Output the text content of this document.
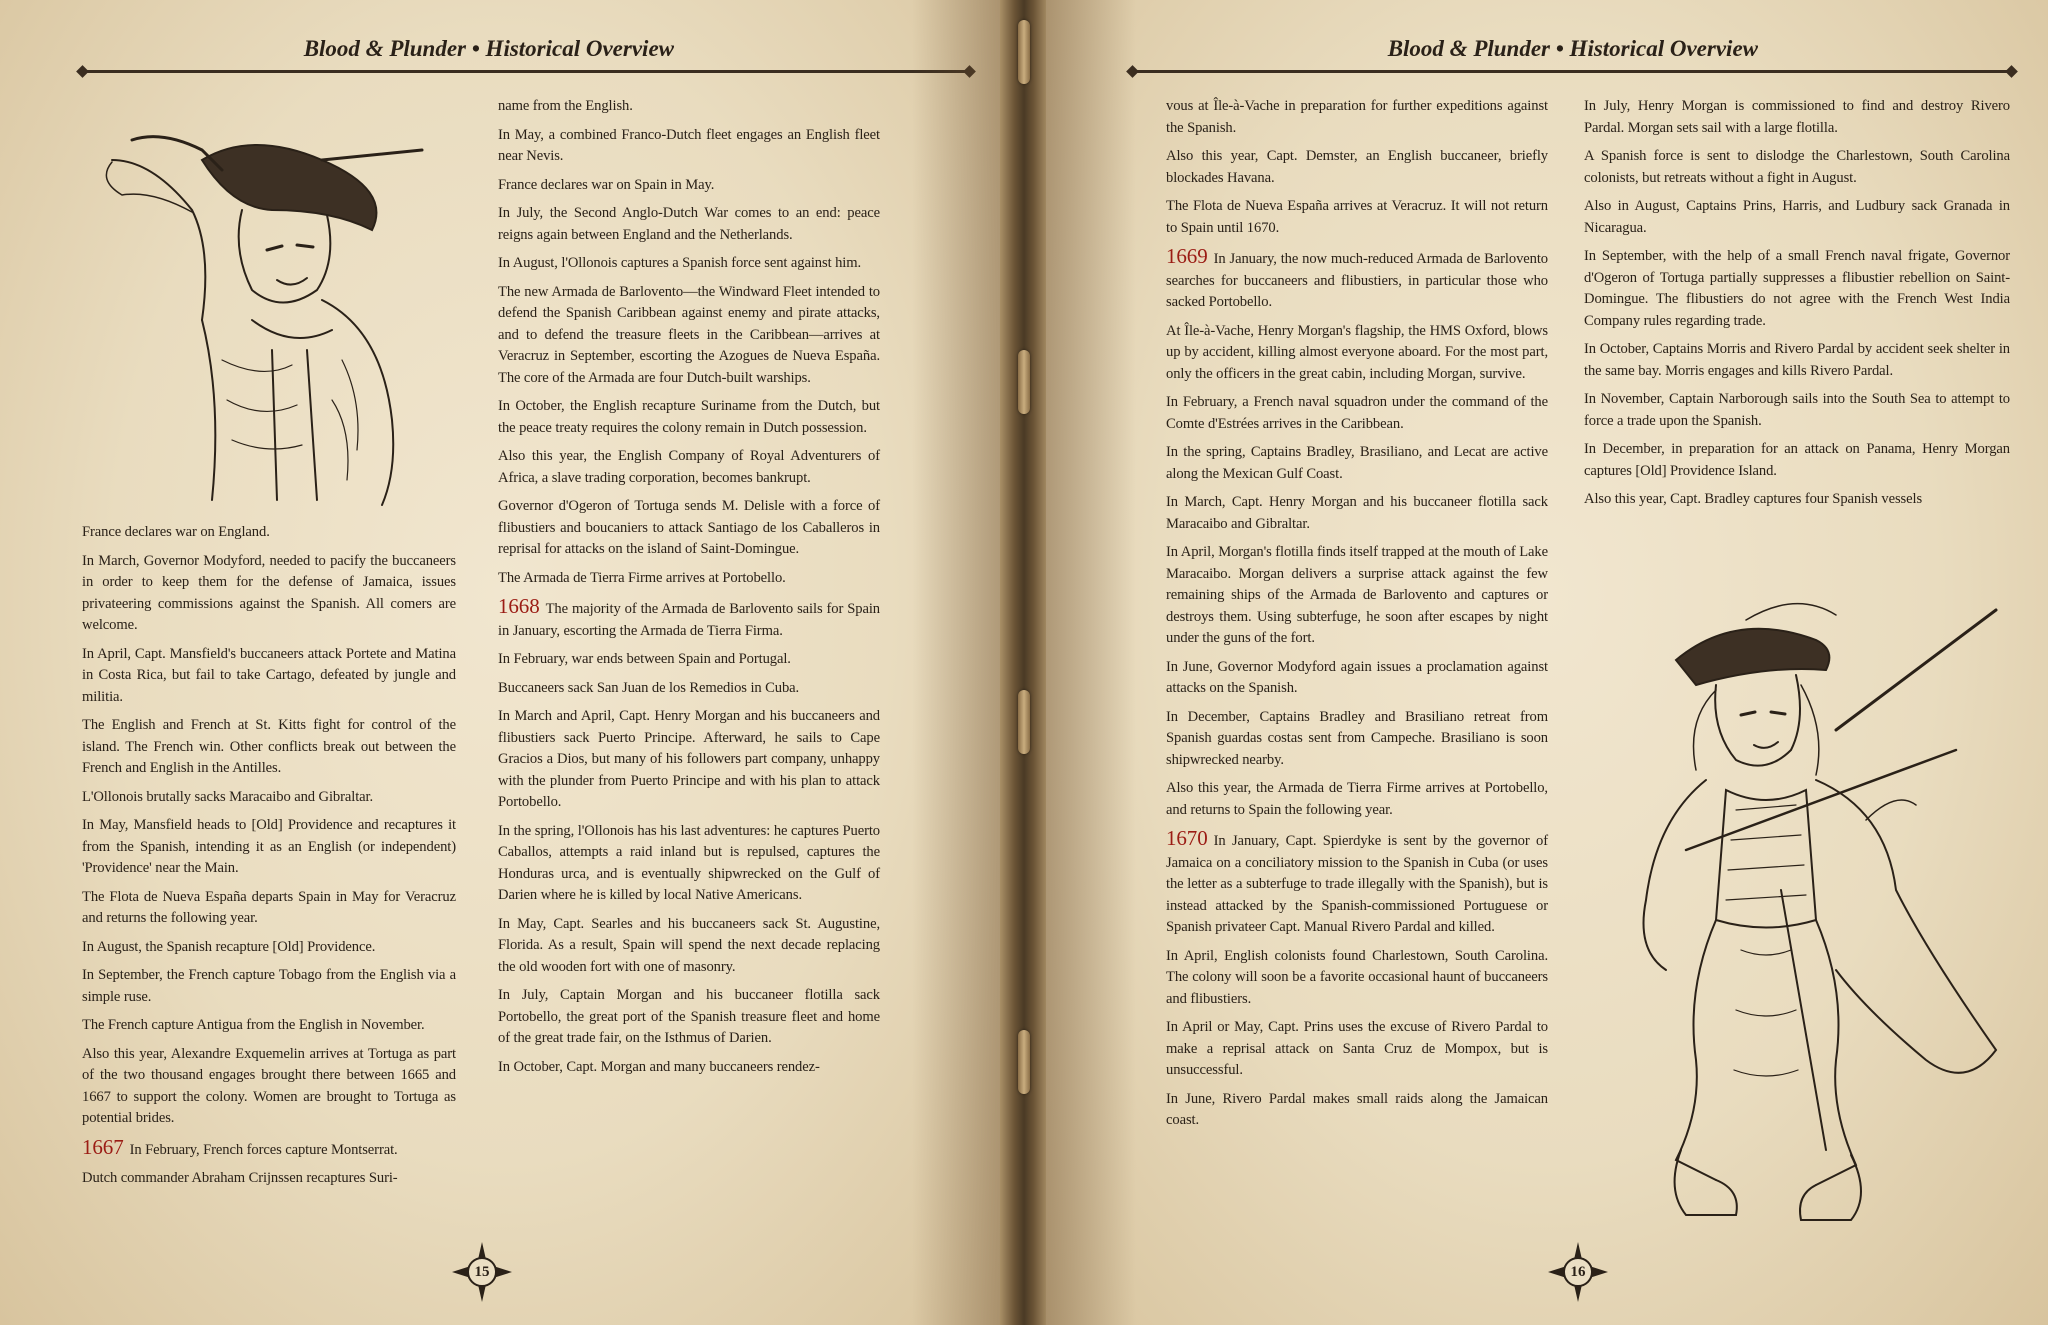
Blood & Plunder • Historical Overview

France declares war on England.

In March, Governor Modyford, needed to pacify the buccaneers in order to keep them for the defense of Jamaica, issues privateering commissions against the Spanish. All comers are welcome.

In April, Capt. Mansfield's buccaneers attack Portete and Matina in Costa Rica, but fail to take Cartago, defeated by jungle and militia.

The English and French at St. Kitts fight for control of the island. The French win. Other conflicts break out between the French and English in the Antilles.

L'Ollonois brutally sacks Maracaibo and Gibraltar.

In May, Mansfield heads to [Old] Providence and recaptures it from the Spanish, intending it as an English (or independent) 'Providence' near the Main.

The Flota de Nueva España departs Spain in May for Veracruz and returns the following year.

In August, the Spanish recapture [Old] Providence.

In September, the French capture Tobago from the English via a simple ruse.

The French capture Antigua from the English in November.

Also this year, Alexandre Exquemelin arrives at Tortuga as part of the two thousand engages brought there between 1665 and 1667 to support the colony. Women are brought to Tortuga as potential brides.

1667 In February, French forces capture Montserrat.

Dutch commander Abraham Crijnssen recaptures Suri-

name from the English.

In May, a combined Franco-Dutch fleet engages an English fleet near Nevis.

France declares war on Spain in May.

In July, the Second Anglo-Dutch War comes to an end: peace reigns again between England and the Netherlands.

In August, l'Ollonois captures a Spanish force sent against him.

The new Armada de Barlovento—the Windward Fleet intended to defend the Spanish Caribbean against enemy and pirate attacks, and to defend the treasure fleets in the Caribbean—arrives at Veracruz in September, escorting the Azogues de Nueva España. The core of the Armada are four Dutch-built warships.

In October, the English recapture Suriname from the Dutch, but the peace treaty requires the colony remain in Dutch possession.

Also this year, the English Company of Royal Adventurers of Africa, a slave trading corporation, becomes bankrupt.

Governor d'Ogeron of Tortuga sends M. Delisle with a force of flibustiers and boucaniers to attack Santiago de los Caballeros in reprisal for attacks on the island of Saint-Domingue.

The Armada de Tierra Firme arrives at Portobello.

1668 The majority of the Armada de Barlovento sails for Spain in January, escorting the Armada de Tierra Firma.

In February, war ends between Spain and Portugal.

Buccaneers sack San Juan de los Remedios in Cuba.

In March and April, Capt. Henry Morgan and his buccaneers and flibustiers sack Puerto Principe. Afterward, he sails to Cape Gracios a Dios, but many of his followers part company, unhappy with the plunder from Puerto Principe and with his plan to attack Portobello.

In the spring, l'Ollonois has his last adventures: he captures Puerto Caballos, attempts a raid inland but is repulsed, captures the Honduras urca, and is eventually shipwrecked on the Gulf of Darien where he is killed by local Native Americans.

In May, Capt. Searles and his buccaneers sack St. Augustine, Florida. As a result, Spain will spend the next decade replacing the old wooden fort with one of masonry.

In July, Captain Morgan and his buccaneer flotilla sack Portobello, the great port of the Spanish treasure fleet and home of the great trade fair, on the Isthmus of Darien.

In October, Capt. Morgan and many buccaneers rendez-

15
Blood & Plunder • Historical Overview

vous at Île-à-Vache in preparation for further expeditions against the Spanish.

Also this year, Capt. Demster, an English buccaneer, briefly blockades Havana.

The Flota de Nueva España arrives at Veracruz. It will not return to Spain until 1670.

1669 In January, the now much-reduced Armada de Barlovento searches for buccaneers and flibustiers, in particular those who sacked Portobello.

At Île-à-Vache, Henry Morgan's flagship, the HMS Oxford, blows up by accident, killing almost everyone aboard. For the most part, only the officers in the great cabin, including Morgan, survive.

In February, a French naval squadron under the command of the Comte d'Estrées arrives in the Caribbean.

In the spring, Captains Bradley, Brasiliano, and Lecat are active along the Mexican Gulf Coast.

In March, Capt. Henry Morgan and his buccaneer flotilla sack Maracaibo and Gibraltar.

In April, Morgan's flotilla finds itself trapped at the mouth of Lake Maracaibo. Morgan delivers a surprise attack against the few remaining ships of the Armada de Barlovento and captures or destroys them. Using subterfuge, he soon after escapes by night under the guns of the fort.

In June, Governor Modyford again issues a proclamation against attacks on the Spanish.

In December, Captains Bradley and Brasiliano retreat from Spanish guardas costas sent from Campeche. Brasiliano is soon shipwrecked nearby.

Also this year, the Armada de Tierra Firme arrives at Portobello, and returns to Spain the following year.

1670 In January, Capt. Spierdyke is sent by the governor of Jamaica on a conciliatory mission to the Spanish in Cuba (or uses the letter as a subterfuge to trade illegally with the Spanish), but is instead attacked by the Spanish-commissioned Portuguese or Spanish privateer Capt. Manual Rivero Pardal and killed.

In April, English colonists found Charlestown, South Carolina. The colony will soon be a favorite occasional haunt of buccaneers and flibustiers.

In April or May, Capt. Prins uses the excuse of Rivero Pardal to make a reprisal attack on Santa Cruz de Mompox, but is unsuccessful.

In June, Rivero Pardal makes small raids along the Jamaican coast.

In July, Henry Morgan is commissioned to find and destroy Rivero Pardal. Morgan sets sail with a large flotilla.

A Spanish force is sent to dislodge the Charlestown, South Carolina colonists, but retreats without a fight in August.

Also in August, Captains Prins, Harris, and Ludbury sack Granada in Nicaragua.

In September, with the help of a small French naval frigate, Governor d'Ogeron of Tortuga partially suppresses a flibustier rebellion on Saint-Domingue. The flibustiers do not agree with the French West India Company rules regarding trade.

In October, Captains Morris and Rivero Pardal by accident seek shelter in the same bay. Morris engages and kills Rivero Pardal.

In November, Captain Narborough sails into the South Sea to attempt to force a trade upon the Spanish.

In December, in preparation for an attack on Panama, Henry Morgan captures [Old] Providence Island.

Also this year, Capt. Bradley captures four Spanish vessels

16
